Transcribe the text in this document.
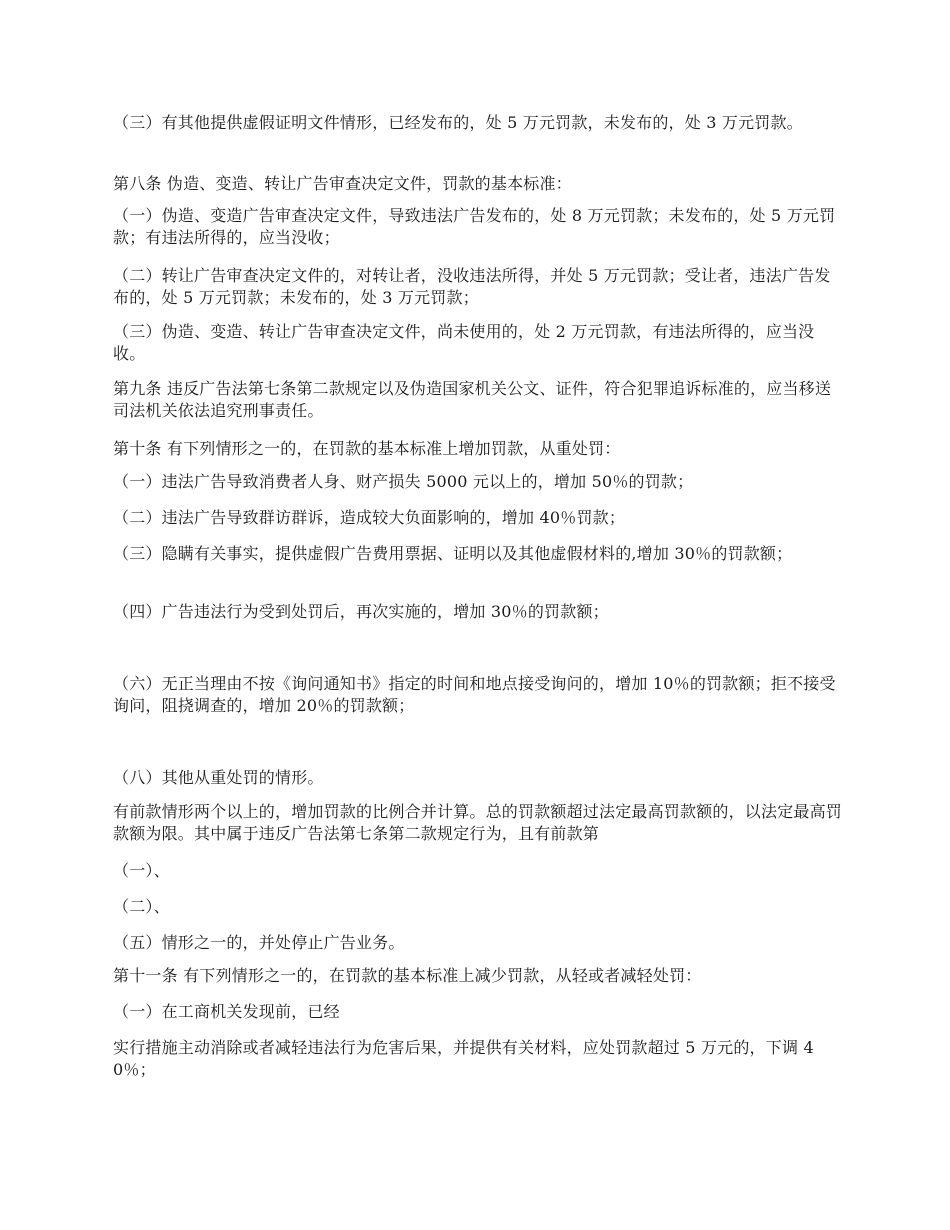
（三）有其他提供虚假证明文件情形，已经发布的，处 5 万元罚款，未发布的，处 3 万元罚款。

第八条 伪造、变造、转让广告审查决定文件，罚款的基本标准：

（一）伪造、变造广告审查决定文件，导致违法广告发布的，处 8 万元罚款；未发布的，处 5 万元罚款；有违法所得的，应当没收；

（二）转让广告审查决定文件的，对转让者，没收违法所得，并处 5 万元罚款；受让者，违法广告发布的，处 5 万元罚款；未发布的，处 3 万元罚款；

（三）伪造、变造、转让广告审查决定文件，尚未使用的，处 2 万元罚款，有违法所得的，应当没收。

第九条 违反广告法第七条第二款规定以及伪造国家机关公文、证件，符合犯罪追诉标准的，应当移送司法机关依法追究刑事责任。

第十条 有下列情形之一的，在罚款的基本标准上增加罚款，从重处罚：

（一）违法广告导致消费者人身、财产损失 5000 元以上的，增加 50％的罚款；

（二）违法广告导致群访群诉，造成较大负面影响的，增加 40％罚款；

（三）隐瞒有关事实，提供虚假广告费用票据、证明以及其他虚假材料的,增加 30％的罚款额；

（四）广告违法行为受到处罚后，再次实施的，增加 30％的罚款额；

（六）无正当理由不按《询问通知书》指定的时间和地点接受询问的，增加 10％的罚款额；拒不接受询问，阻挠调查的，增加 20％的罚款额；

（八）其他从重处罚的情形。

有前款情形两个以上的，增加罚款的比例合并计算。总的罚款额超过法定最高罚款额的，以法定最高罚款额为限。其中属于违反广告法第七条第二款规定行为，且有前款第

（一）、

（二）、

（五）情形之一的，并处停止广告业务。

第十一条 有下列情形之一的，在罚款的基本标准上减少罚款，从轻或者减轻处罚：

（一）在工商机关发现前，已经

实行措施主动消除或者减轻违法行为危害后果，并提供有关材料，应处罚款超过 5 万元的，下调 40％；
